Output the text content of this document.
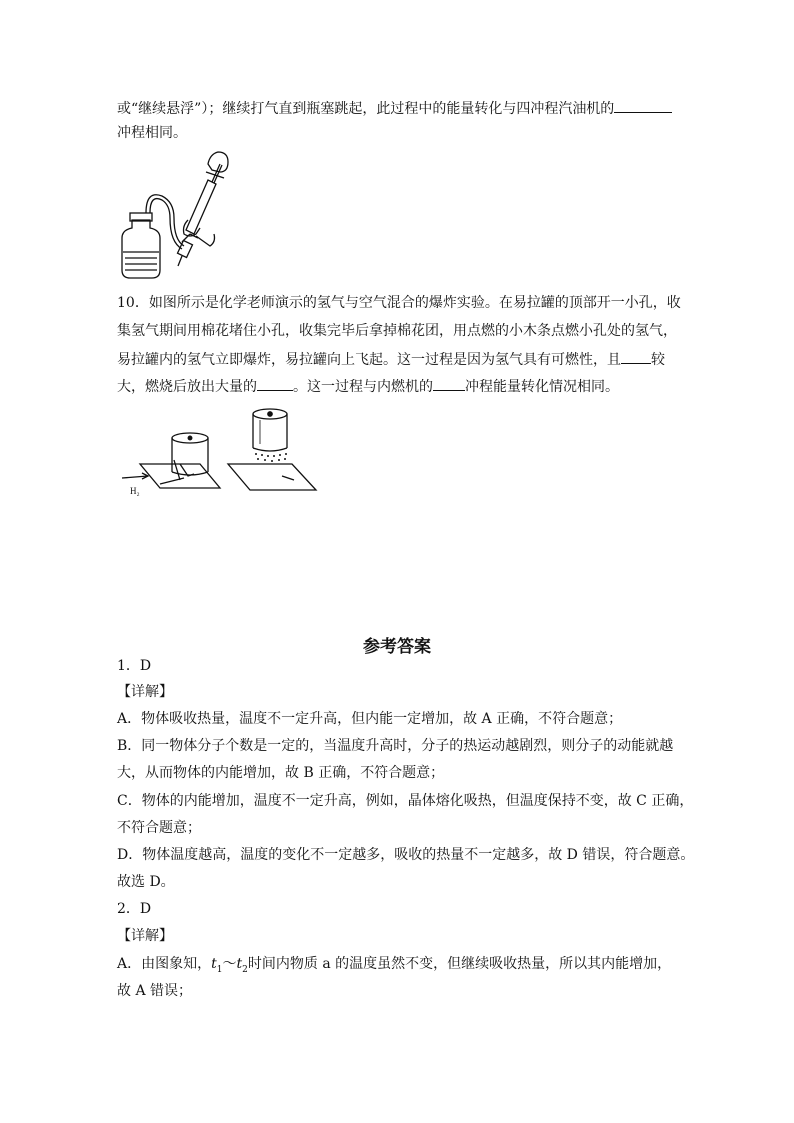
或“继续悬浮”）；继续打气直到瓶塞跳起，此过程中的能量转化与四冲程汽油机的
冲程相同。
10．如图所示是化学老师演示的氢气与空气混合的爆炸实验。在易拉罐的顶部开一小孔，收
集氢气期间用棉花堵住小孔，收集完毕后拿掉棉花团，用点燃的小木条点燃小孔处的氢气，
易拉罐内的氢气立即爆炸，易拉罐向上飞起。这一过程是因为氢气具有可燃性，且 较
大，燃烧后放出大量的	。这一过程与内燃机的 冲程能量转化情况相同。
H₂
参考答案
1．D
【详解】
A．物体吸收热量，温度不一定升高，但内能一定增加，故 A 正确，不符合题意；
B．同一物体分子个数是一定的，当温度升高时，分子的热运动越剧烈，则分子的动能就越
大，从而物体的内能增加，故 B 正确，不符合题意；
C．物体的内能增加，温度不一定升高，例如，晶体熔化吸热，但温度保持不变，故 C 正确，
不符合题意；
D．物体温度越高，温度的变化不一定越多，吸收的热量不一定越多，故 D 错误，符合题意。
故选 D。
2．D
【详解】
A．由图象知，$t_1\sim t_2$时间内物质 a 的温度虽然不变，但继续吸收热量，所以其内能增加，
故 A 错误；
